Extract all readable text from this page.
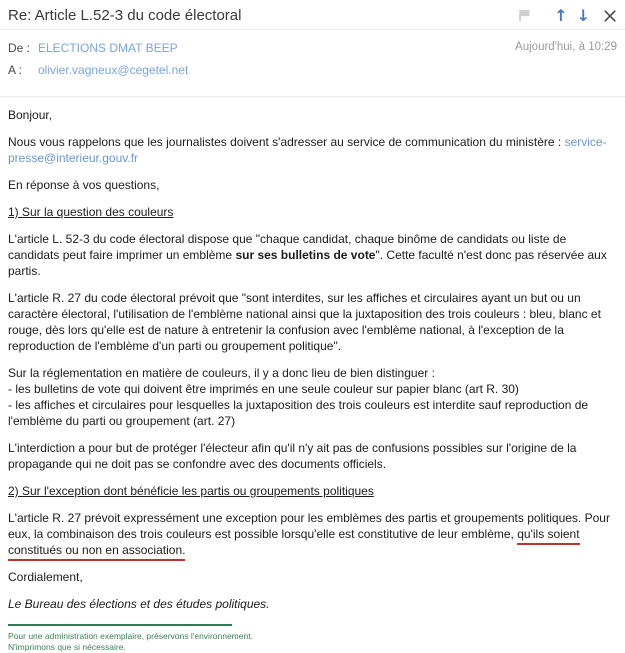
Re: Article L.52-3 du code électoral	↑ ↓
De : ELECTIONS DMAT BEEP
A :	olivier.vagneux@cegetel.net
Aujourd'hui, à 10:29

Bonjour,

Nous vous rappelons que les journalistes doivent s'adresser au service de communication du ministère : service-presse@interieur.gouv.fr

En réponse à vos questions,

1) Sur la question des couleurs

L'article L. 52-3 du code électoral dispose que "chaque candidat, chaque binôme de candidats ou liste de candidats peut faire imprimer un emblème sur ses bulletins de vote". Cette faculté n'est donc pas réservée aux partis.

L'article R. 27 du code électoral prévoit que "sont interdites, sur les affiches et circulaires ayant un but ou un caractère électoral, l'utilisation de l'emblème national ainsi que la juxtaposition des trois couleurs : bleu, blanc et rouge, dès lors qu'elle est de nature à entretenir la confusion avec l'emblème national, à l'exception de la reproduction de l'emblème d'un parti ou groupement politique".

Sur la réglementation en matière de couleurs, il y a donc lieu de bien distinguer :
- les bulletins de vote qui doivent être imprimés en une seule couleur sur papier blanc (art R. 30)
- les affiches et circulaires pour lesquelles la juxtaposition des trois couleurs est interdite sauf reproduction de l'emblème du parti ou groupement (art. 27)

L'interdiction a pour but de protéger l'électeur afin qu'il n'y ait pas de confusions possibles sur l'origine de la propagande qui ne doit pas se confondre avec des documents officiels.

2) Sur l'exception dont bénéficie les partis ou groupements politiques

L'article R. 27 prévoit expressément une exception pour les emblèmes des partis et groupements politiques. Pour eux, la combinaison des trois couleurs est possible lorsqu'elle est constitutive de leur emblème, qu'ils soient constitués ou non en association.

Cordialement,

Le Bureau des élections et des études politiques.

Pour une administration exemplaire, préservons l'environnement.
N'imprimons que si nécessaire.
